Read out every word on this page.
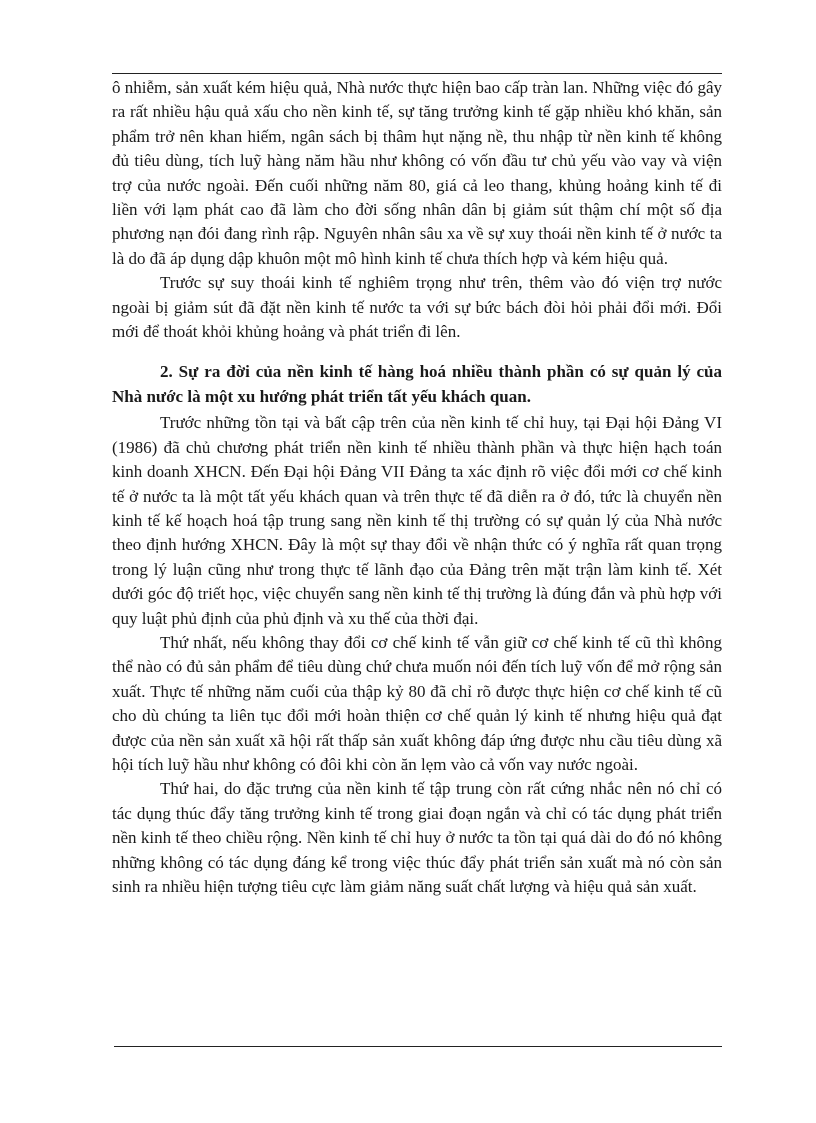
ô nhiễm, sản xuất kém hiệu quả, Nhà nước thực hiện bao cấp tràn lan. Những việc đó gây ra rất nhiều hậu quả xấu cho nền kinh tế, sự tăng trưởng kinh tế gặp nhiều khó khăn, sản phẩm trở nên khan hiếm, ngân sách bị thâm hụt nặng nề, thu nhập từ nền kinh tế không đủ tiêu dùng, tích luỹ hàng năm hầu như không có vốn đầu tư chủ yếu vào vay và viện trợ của nước ngoài. Đến cuối những năm 80, giá cả leo thang, khủng hoảng kinh tế đi liền với lạm phát cao đã làm cho đời sống nhân dân bị giảm sút thậm chí một số địa phương nạn đói đang rình rập. Nguyên nhân sâu xa về sự xuy thoái nền kinh tế ở nước ta là do đã áp dụng dập khuôn một mô hình kinh tế chưa thích hợp và kém hiệu quả.

Trước sự suy thoái kinh tế nghiêm trọng như trên, thêm vào đó viện trợ nước ngoài bị giảm sút đã đặt nền kinh tế nước ta với sự bức bách đòi hỏi phải đổi mới. Đổi mới để thoát khỏi khủng hoảng và phát triển đi lên.

2. Sự ra đời của nền kinh tế hàng hoá nhiều thành phần có sự quản lý của Nhà nước là một xu hướng phát triển tất yếu khách quan.

Trước những tồn tại và bất cập trên của nền kinh tế chỉ huy, tại Đại hội Đảng VI (1986) đã chủ chương phát triển nền kinh tế nhiều thành phần và thực hiện hạch toán kinh doanh XHCN. Đến Đại hội Đảng VII Đảng ta xác định rõ việc đổi mới cơ chế kinh tế ở nước ta là một tất yếu khách quan và trên thực tế đã diễn ra ở đó, tức là chuyển nền kinh tế kế hoạch hoá tập trung sang nền kinh tế thị trường có sự quản lý của Nhà nước theo định hướng XHCN. Đây là một sự thay đổi về nhận thức có ý nghĩa rất quan trọng trong lý luận cũng như trong thực tế lãnh đạo của Đảng trên mặt trận làm kinh tế. Xét dưới góc độ triết học, việc chuyển sang nền kinh tế thị trường là đúng đắn và phù hợp với quy luật phủ định của phủ định và xu thế của thời đại.

Thứ nhất, nếu không thay đổi cơ chế kinh tế vẫn giữ cơ chế kinh tế cũ thì không thể nào có đủ sản phẩm để tiêu dùng chứ chưa muốn nói đến tích luỹ vốn để mở rộng sản xuất. Thực tế những năm cuối của thập kỷ 80 đã chỉ rõ được thực hiện cơ chế kinh tế cũ cho dù chúng ta liên tục đổi mới hoàn thiện cơ chế quản lý kinh tế nhưng hiệu quả đạt được của nền sản xuất xã hội rất thấp sản xuất không đáp ứng được nhu cầu tiêu dùng xã hội tích luỹ hầu như không có đôi khi còn ăn lẹm vào cả vốn vay nước ngoài.

Thứ hai, do đặc trưng của nền kinh tế tập trung còn rất cứng nhắc nên nó chỉ có tác dụng thúc đẩy tăng trưởng kinh tế trong giai đoạn ngắn và chỉ có tác dụng phát triển nền kinh tế theo chiều rộng. Nền kinh tế chỉ huy ở nước ta tồn tại quá dài do đó nó không những không có tác dụng đáng kể trong việc thúc đẩy phát triển sản xuất mà nó còn sản sinh ra nhiều hiện tượng tiêu cực làm giảm năng suất chất lượng và hiệu quả sản xuất.
